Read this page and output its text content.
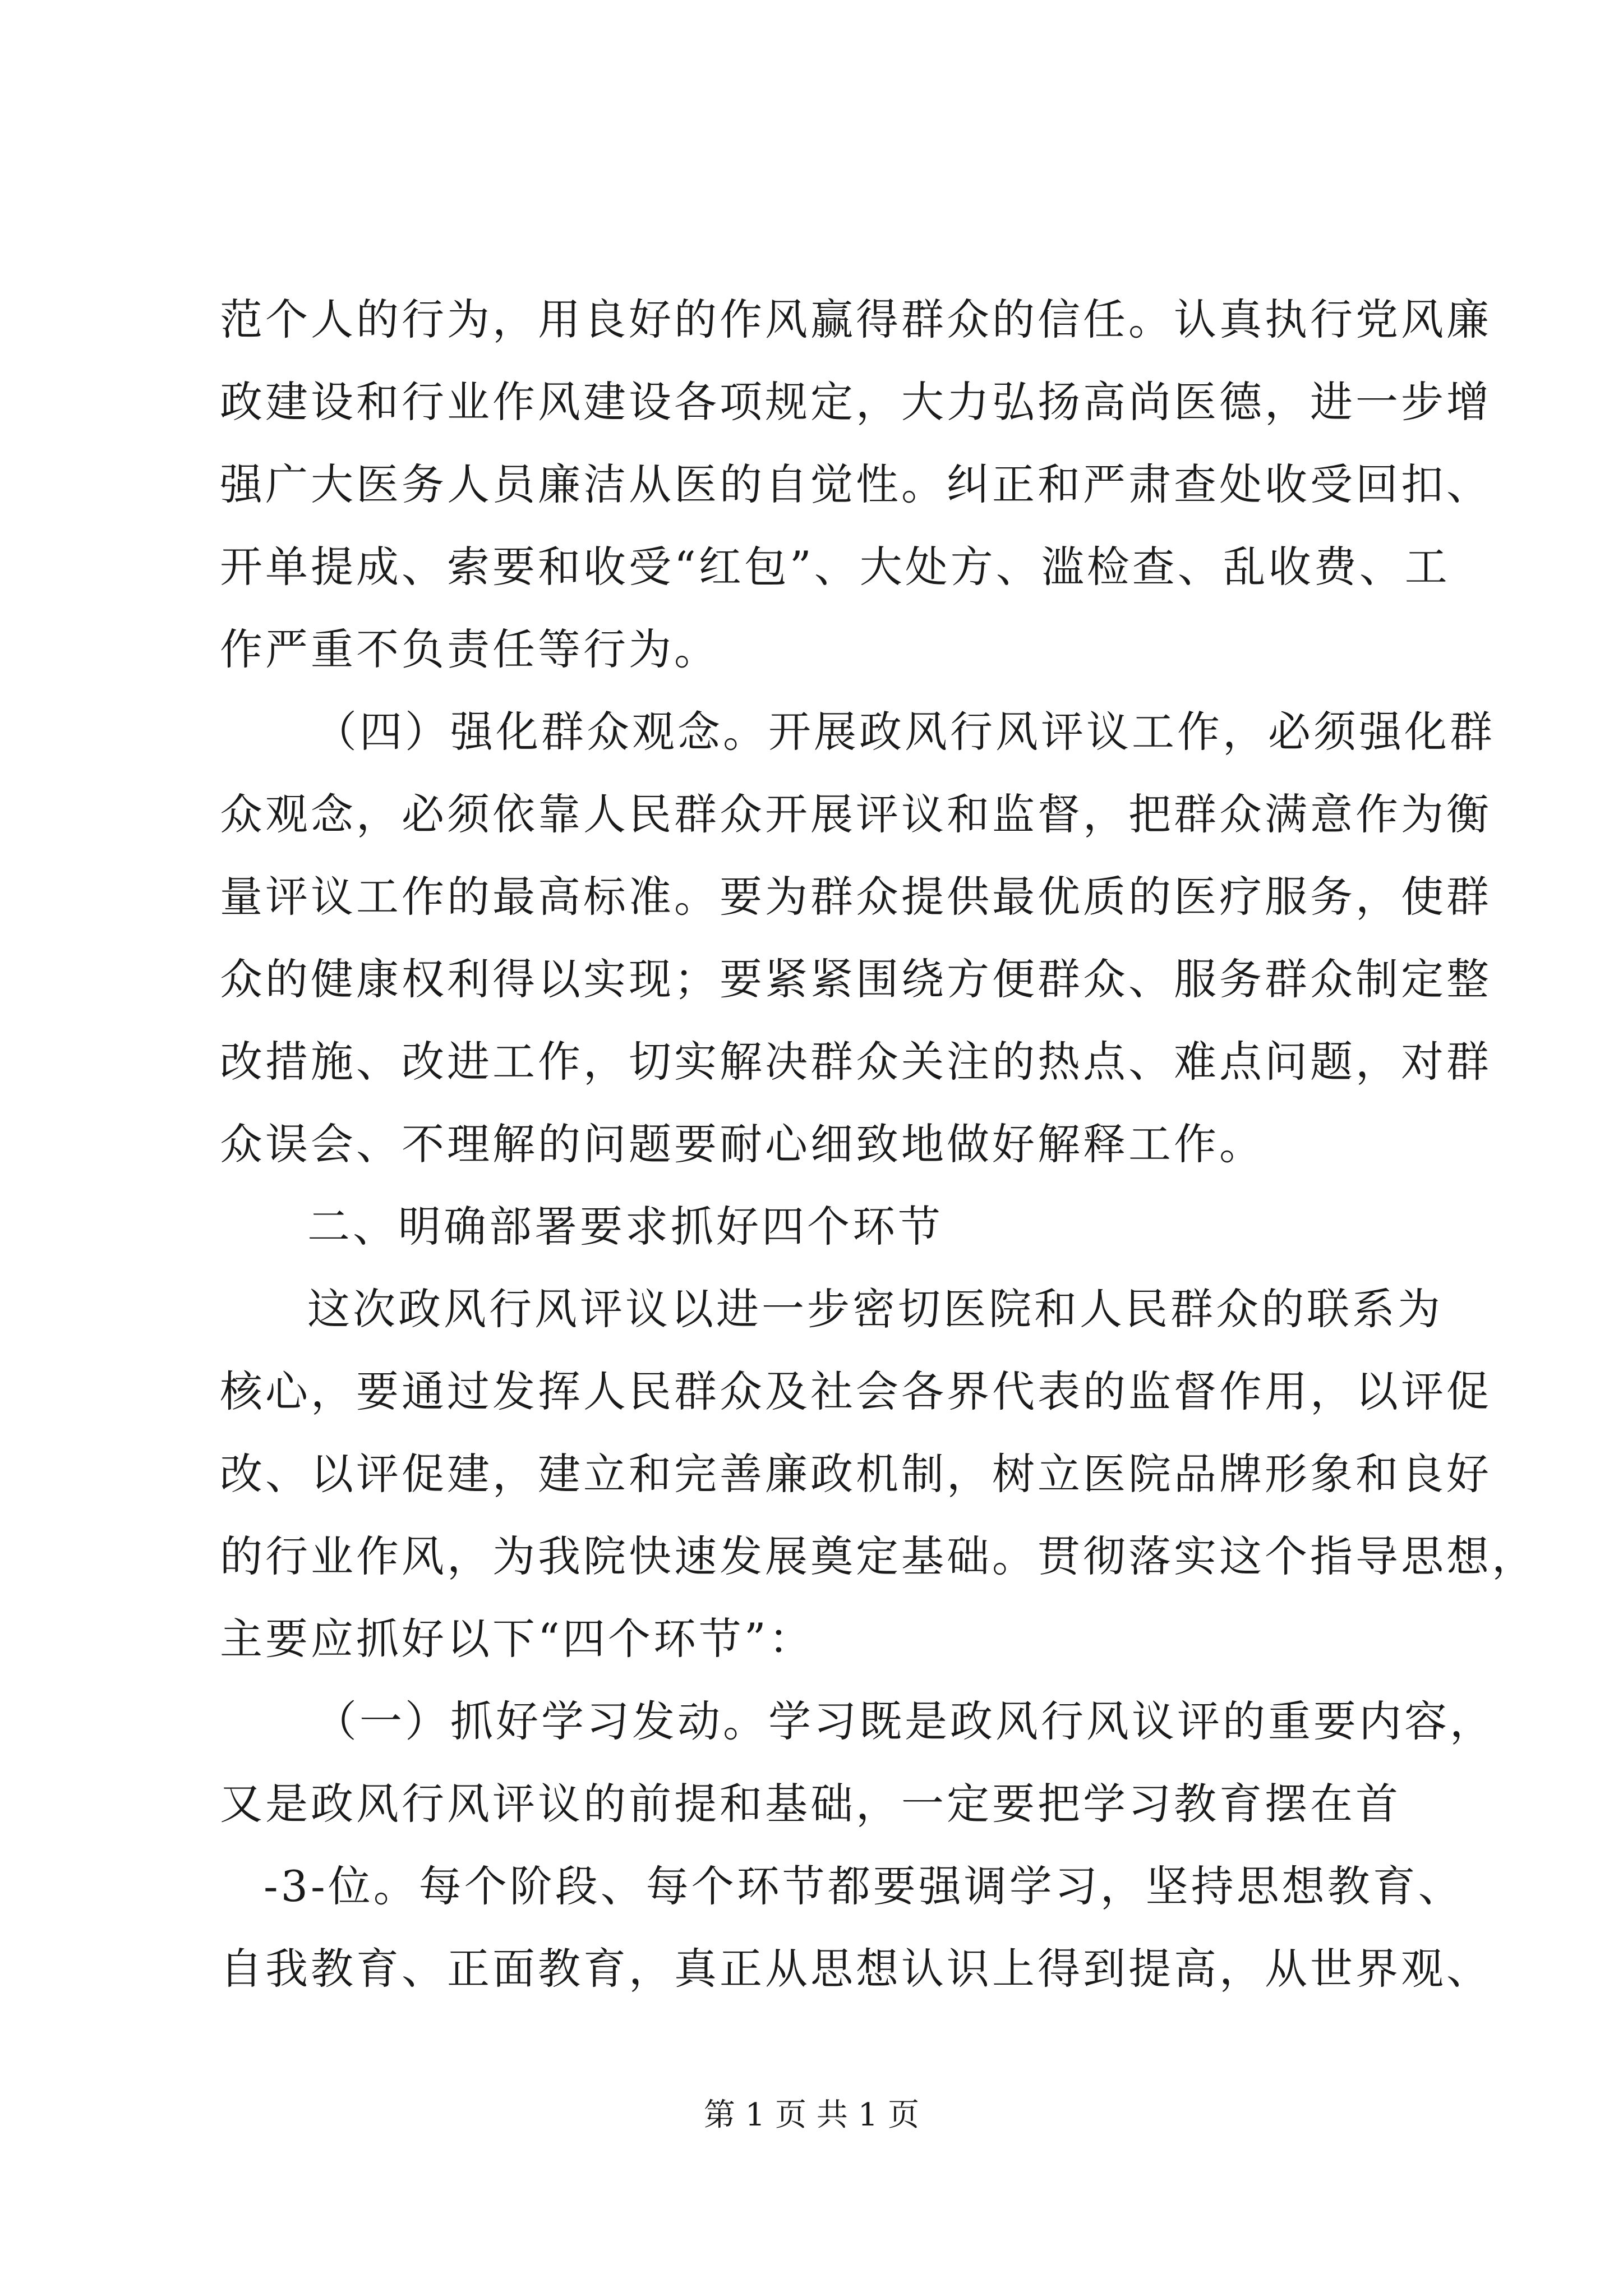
范个人的行为，用良好的作风赢得群众的信任。认真执行党风廉
政建设和行业作风建设各项规定，大力弘扬高尚医德，进一步增
强广大医务人员廉洁从医的自觉性。纠正和严肃查处收受回扣、
开单提成、索要和收受“红包”、大处方、滥检查、乱收费、工
作严重不负责任等行为。
（四）强化群众观念。开展政风行风评议工作，必须强化群
众观念，必须依靠人民群众开展评议和监督，把群众满意作为衡
量评议工作的最高标准。要为群众提供最优质的医疗服务，使群
众的健康权利得以实现；要紧紧围绕方便群众、服务群众制定整
改措施、改进工作，切实解决群众关注的热点、难点问题，对群
众误会、不理解的问题要耐心细致地做好解释工作。
二、明确部署要求抓好四个环节
这次政风行风评议以进一步密切医院和人民群众的联系为
核心，要通过发挥人民群众及社会各界代表的监督作用，以评促
改、以评促建，建立和完善廉政机制，树立医院品牌形象和良好
的行业作风，为我院快速发展奠定基础。贯彻落实这个指导思想，
主要应抓好以下“四个环节”：
（一）抓好学习发动。学习既是政风行风议评的重要内容，
又是政风行风评议的前提和基础，一定要把学习教育摆在首
-3-位。每个阶段、每个环节都要强调学习，坚持思想教育、
自我教育、正面教育，真正从思想认识上得到提高，从世界观、
第 1 页 共 1 页
